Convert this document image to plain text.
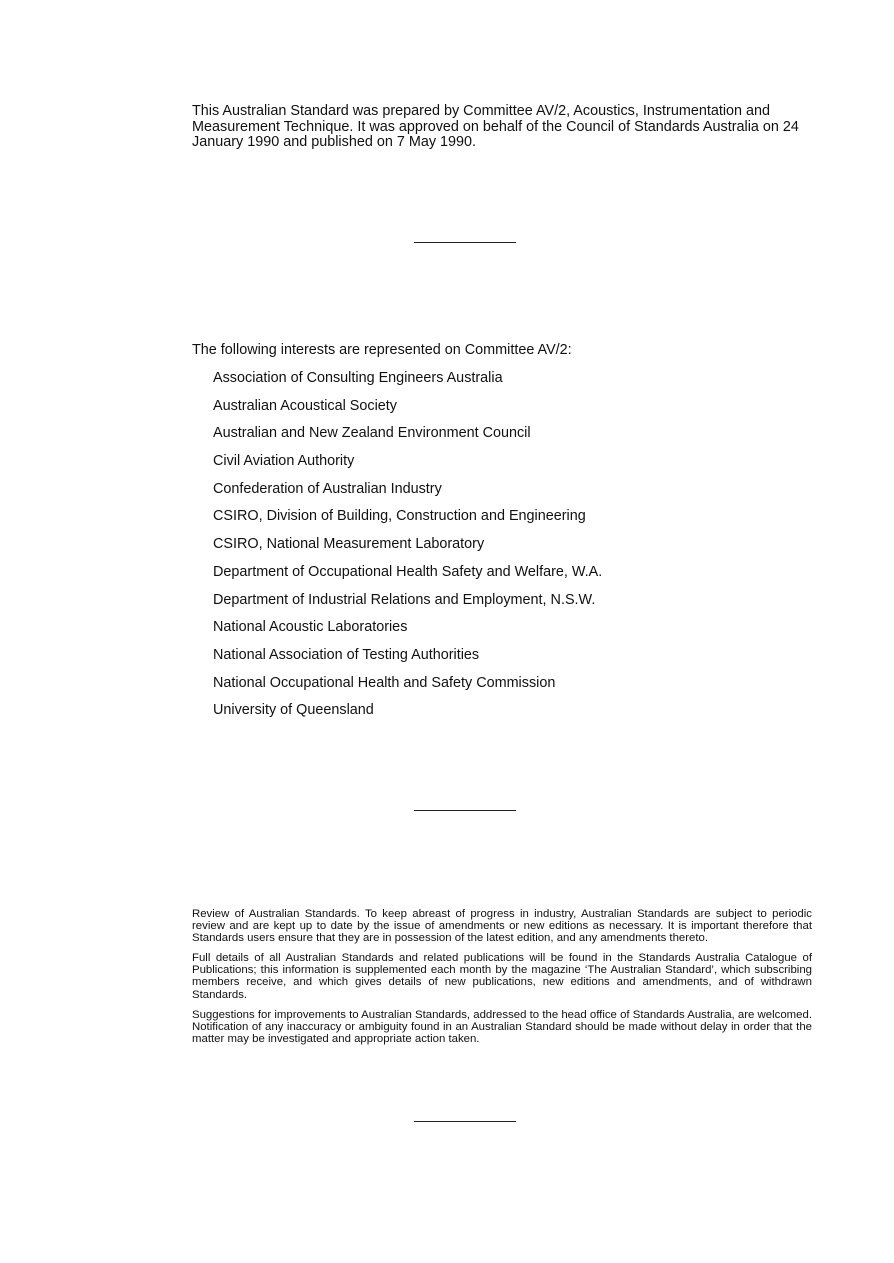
This Australian Standard was prepared by Committee AV/2, Acoustics, Instrumentation and Measurement Technique. It was approved on behalf of the Council of Standards Australia on 24 January 1990 and published on 7 May 1990.

The following interests are represented on Committee AV/2:

Association of Consulting Engineers Australia
Australian Acoustical Society
Australian and New Zealand Environment Council
Civil Aviation Authority
Confederation of Australian Industry
CSIRO, Division of Building, Construction and Engineering
CSIRO, National Measurement Laboratory
Department of Occupational Health Safety and Welfare, W.A.
Department of Industrial Relations and Employment, N.S.W.
National Acoustic Laboratories
National Association of Testing Authorities
National Occupational Health and Safety Commission
University of Queensland

Review of Australian Standards. To keep abreast of progress in industry, Australian Standards are subject to periodic review and are kept up to date by the issue of amendments or new editions as necessary. It is important therefore that Standards users ensure that they are in possession of the latest edition, and any amendments thereto.

Full details of all Australian Standards and related publications will be found in the Standards Australia Catalogue of Publications; this information is supplemented each month by the magazine ‘The Australian Standard’, which subscribing members receive, and which gives details of new publications, new editions and amendments, and of withdrawn Standards.

Suggestions for improvements to Australian Standards, addressed to the head office of Standards Australia, are welcomed. Notification of any inaccuracy or ambiguity found in an Australian Standard should be made without delay in order that the matter may be investigated and appropriate action taken.
